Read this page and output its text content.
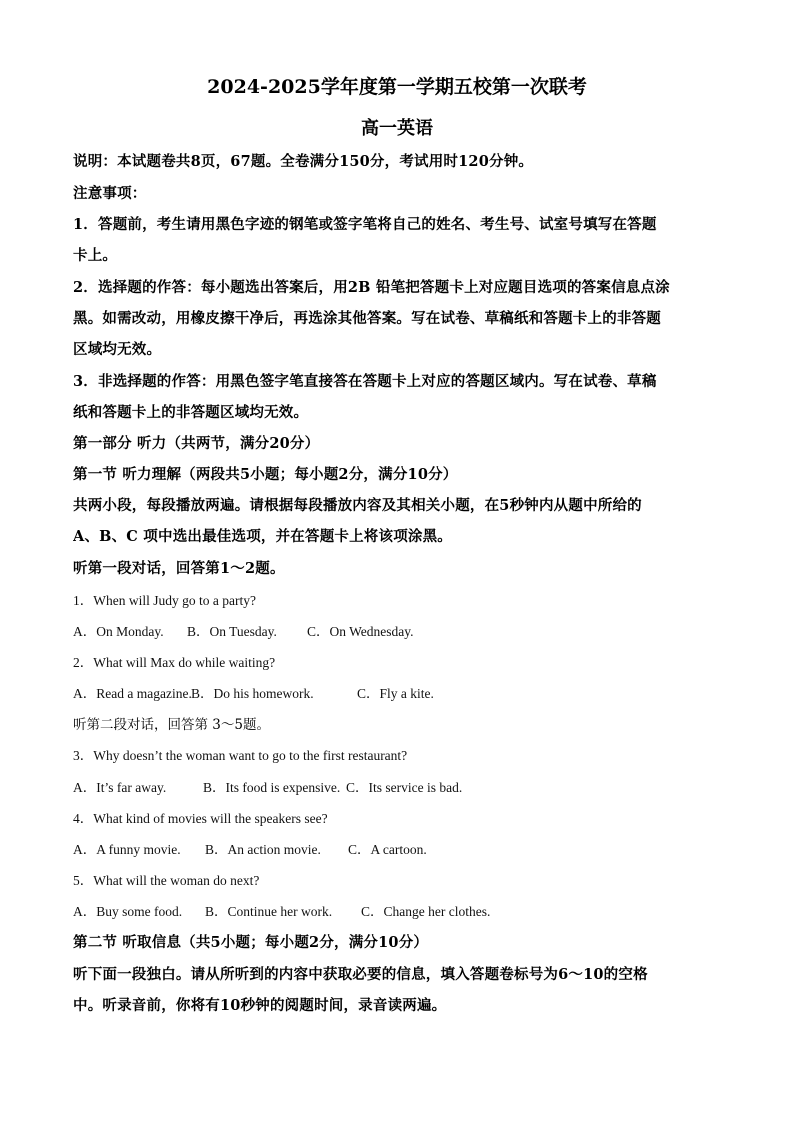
2024-2025学年度第一学期五校第一次联考
高一英语
说明：本试题卷共8页，67题。全卷满分150分，考试用时120分钟。
注意事项：
1．答题前，考生请用黑色字迹的钢笔或签字笔将自己的姓名、考生号、试室号填写在答题
卡上。
2．选择题的作答：每小题选出答案后，用2B 铅笔把答题卡上对应题目选项的答案信息点涂
黑。如需改动，用橡皮擦干净后，再选涂其他答案。写在试卷、草稿纸和答题卡上的非答题
区域均无效。
3．非选择题的作答：用黑色签字笔直接答在答题卡上对应的答题区域内。写在试卷、草稿
纸和答题卡上的非答题区域均无效。
第一部分 听力（共两节，满分20分）
第一节 听力理解（两段共5小题；每小题2分，满分10分）
共两小段，每段播放两遍。请根据每段播放内容及其相关小题，在5秒钟内从题中所给的
A、B、C 项中选出最佳选项，并在答题卡上将该项涂黑。
听第一段对话，回答第1～2题。
1．When will Judy go to a party?
A．On Monday. B．On Tuesday. C．On Wednesday.
2．What will Max do while waiting?
A．Read a magazine.B．Do his homework.	C．Fly a kite.
听第二段对话，回答第 3～5题。
3．Why doesn’t the woman want to go to the first restaurant?
A．It’s far away.	B．Its food is expensive. C．Its service is bad.
4．What kind of movies will the speakers see?
A．A funny movie. B．An action movie. C．A cartoon.
5．What will the woman do next?
A．Buy some food. B．Continue her work. C．Change her clothes.
第二节 听取信息（共5小题；每小题2分，满分10分）
听下面一段独白。请从所听到的内容中获取必要的信息，填入答题卷标号为6～10的空格
中。听录音前，你将有10秒钟的阅题时间，录音读两遍。
